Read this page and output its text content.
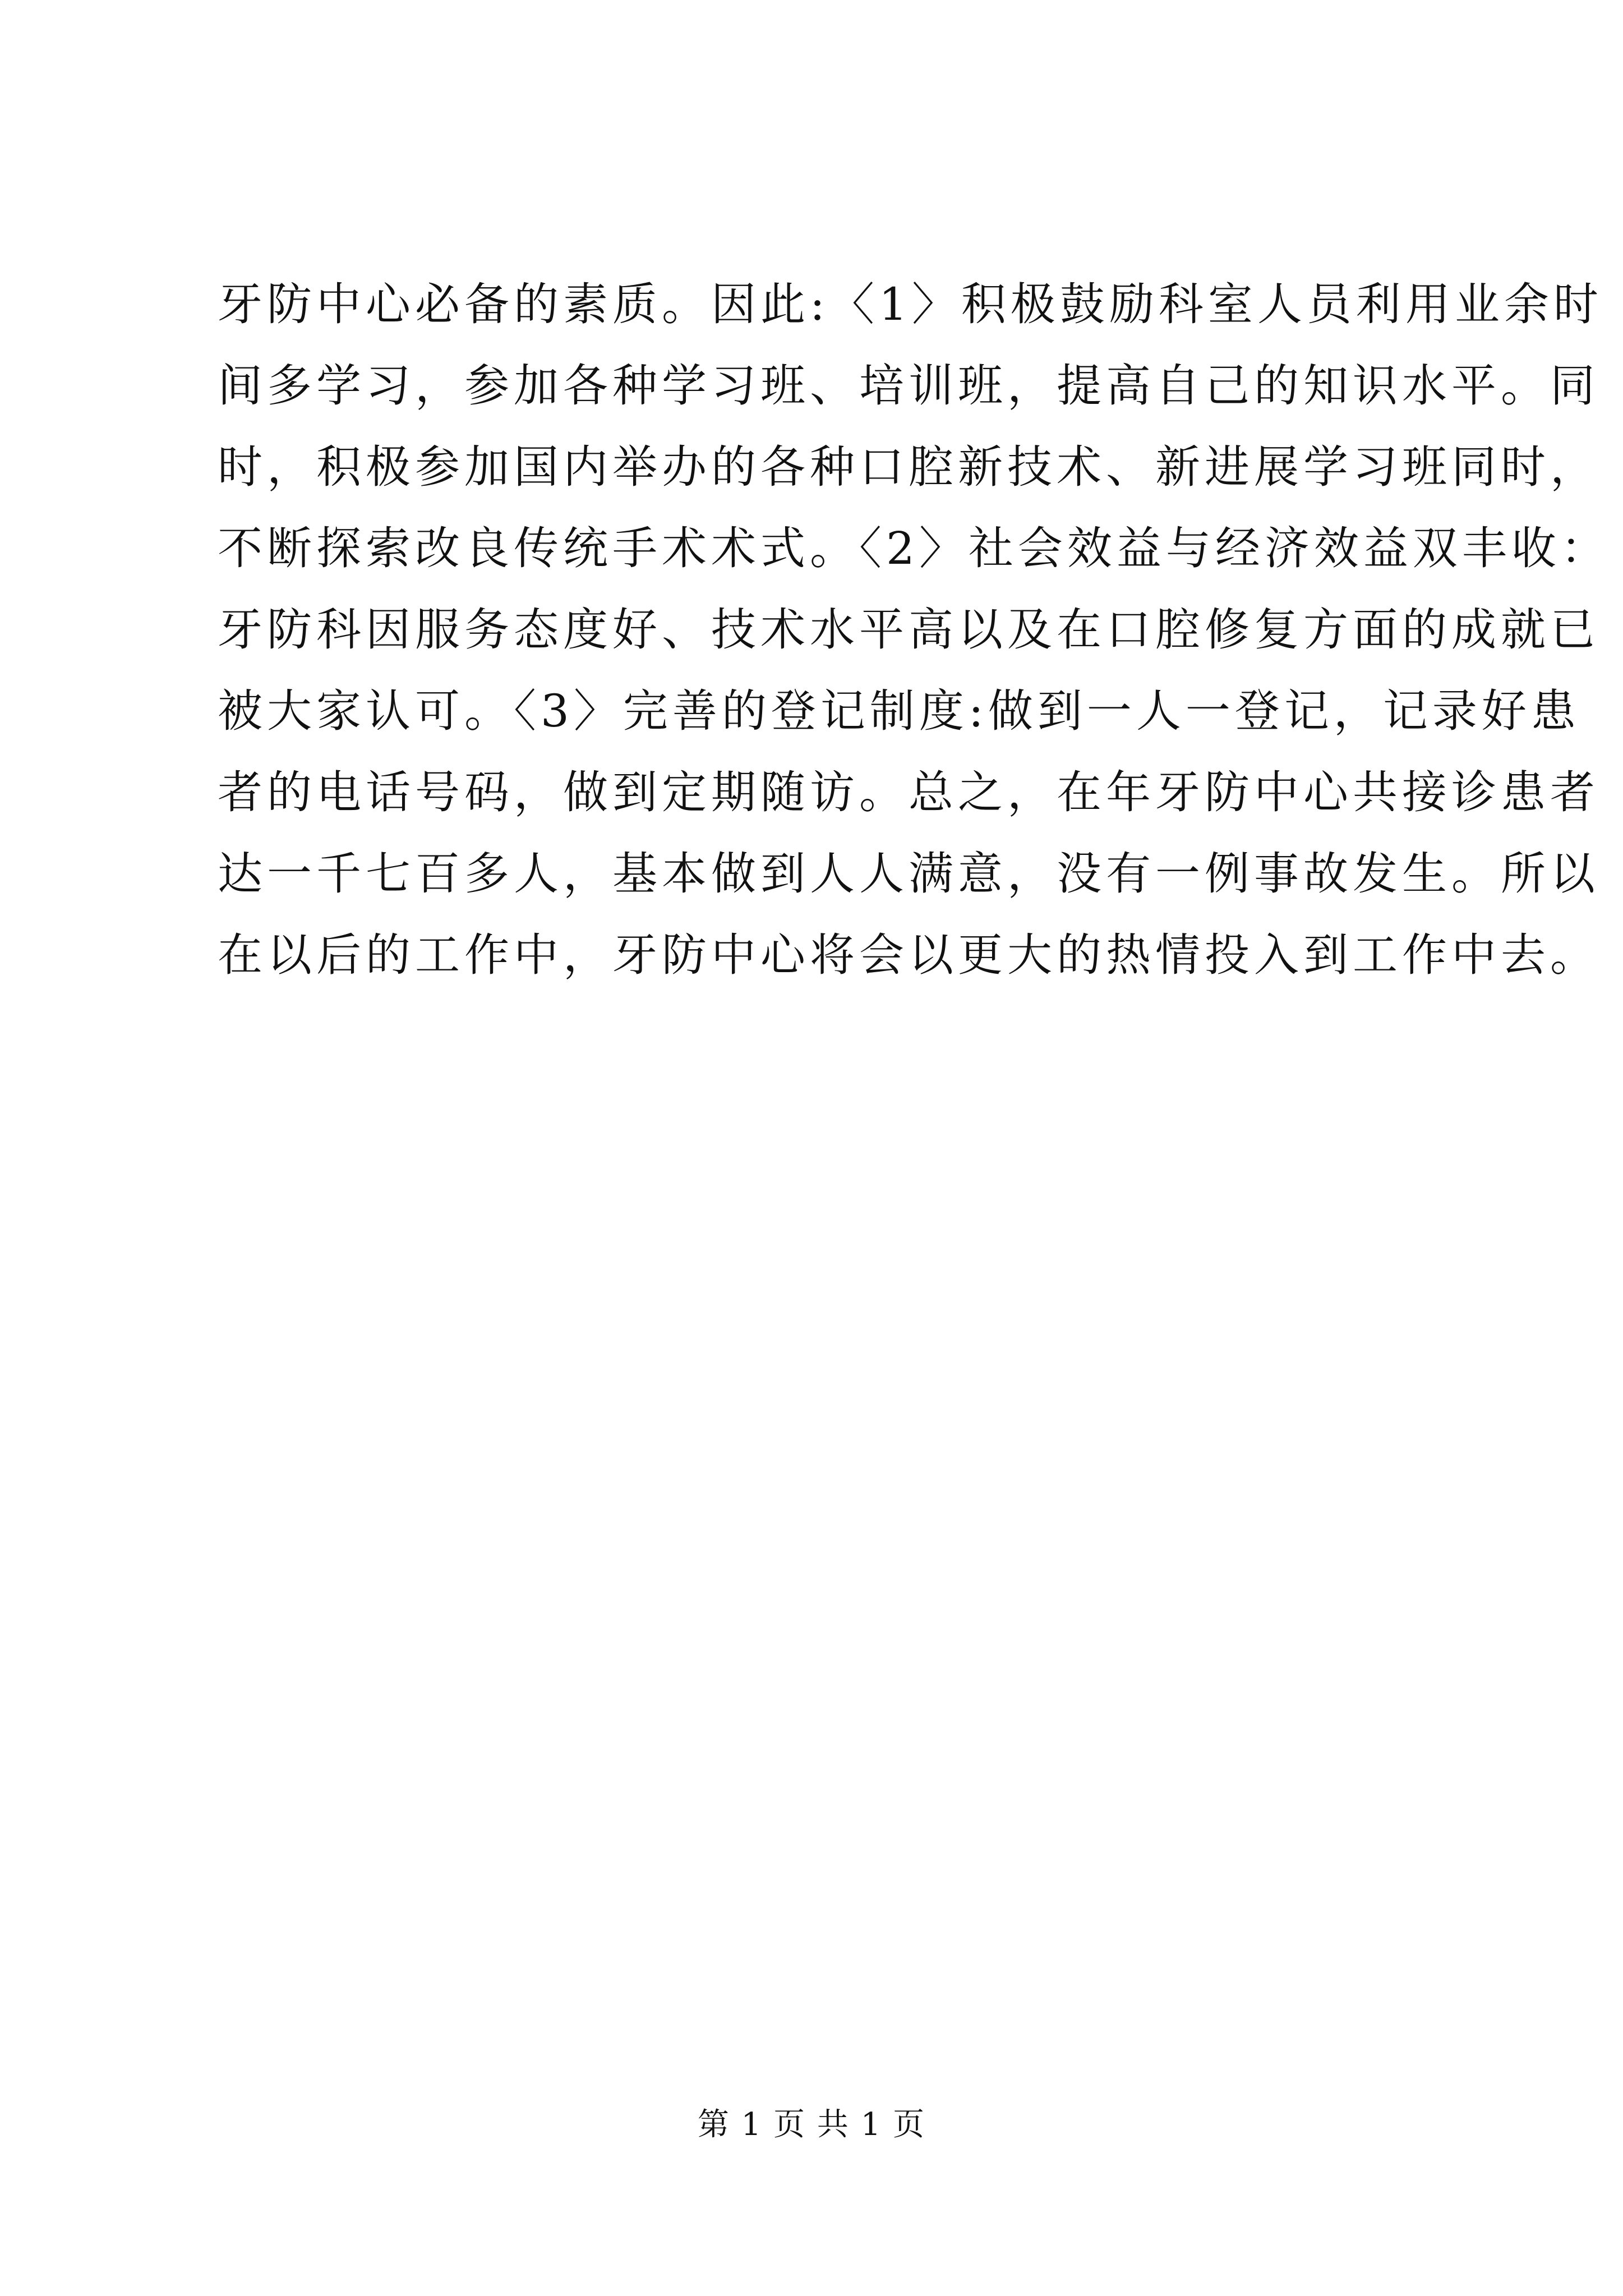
牙防中心必备的素质。因此:〈1〉积极鼓励科室人员利用业余时
间多学习，参加各种学习班、培训班，提高自己的知识水平。同
时，积极参加国内举办的各种口腔新技术、新进展学习班同时，
不断探索改良传统手术术式。〈2〉社会效益与经济效益双丰收：
牙防科因服务态度好、技术水平高以及在口腔修复方面的成就已
被大家认可。〈3〉完善的登记制度:做到一人一登记，记录好患
者的电话号码，做到定期随访。总之，在年牙防中心共接诊患者
达一千七百多人，基本做到人人满意，没有一例事故发生。所以
在以后的工作中，牙防中心将会以更大的热情投入到工作中去。
第 1 页 共 1 页
